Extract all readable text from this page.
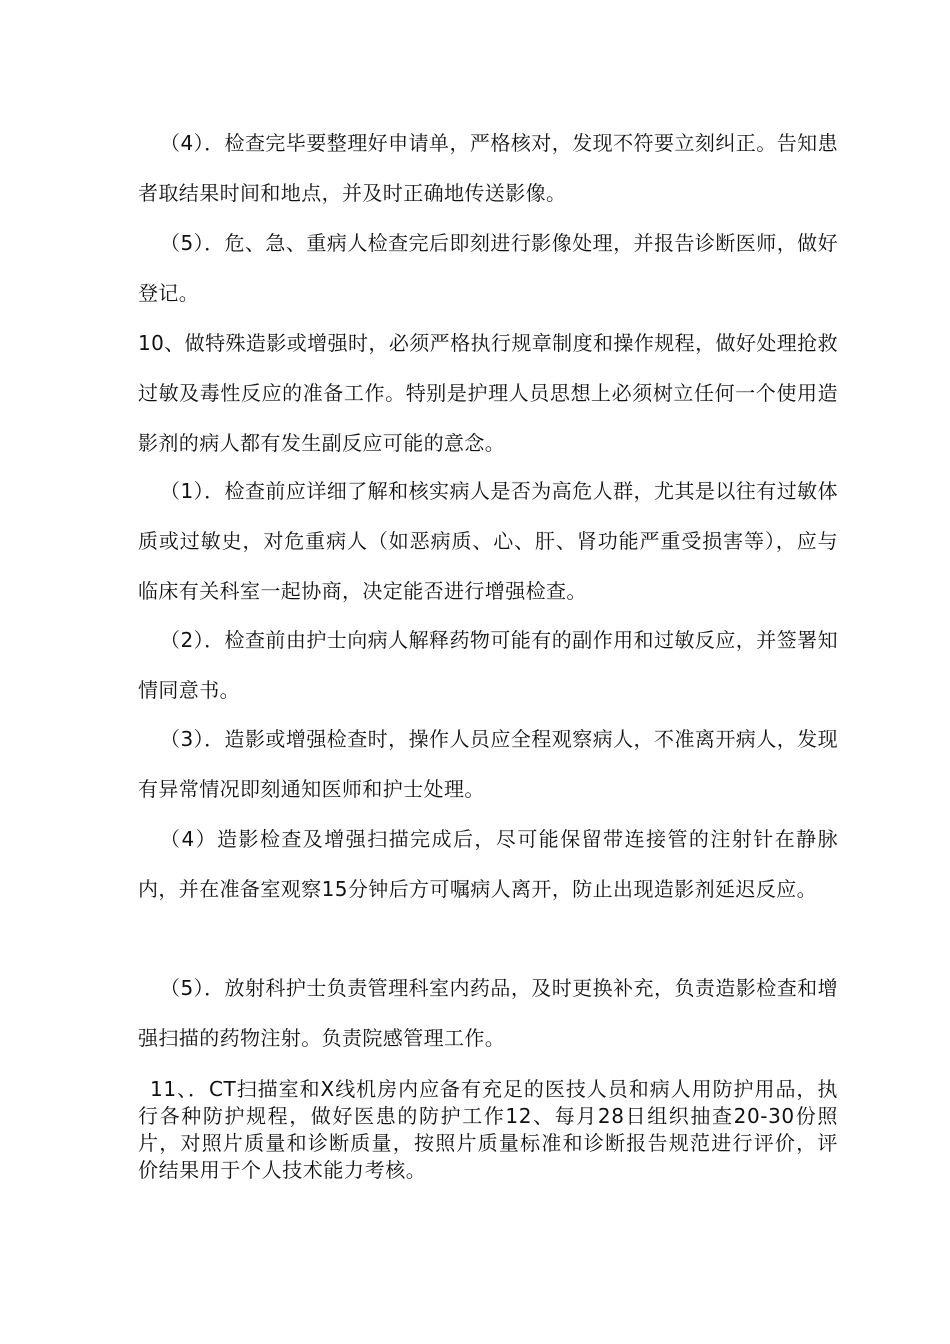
（4）．检查完毕要整理好申请单，严格核对，发现不符要立刻纠正。告知患者取结果时间和地点，并及时正确地传送影像。

（5）．危、急、重病人检查完后即刻进行影像处理，并报告诊断医师，做好登记。

10、做特殊造影或增强时，必须严格执行规章制度和操作规程，做好处理抢救过敏及毒性反应的准备工作。特别是护理人员思想上必须树立任何一个使用造影剂的病人都有发生副反应可能的意念。

（1）．检查前应详细了解和核实病人是否为高危人群，尤其是以往有过敏体质或过敏史，对危重病人（如恶病质、心、肝、肾功能严重受损害等），应与临床有关科室一起协商，决定能否进行增强检查。

（2）．检查前由护士向病人解释药物可能有的副作用和过敏反应，并签署知情同意书。

（3）．造影或增强检查时，操作人员应全程观察病人，不准离开病人，发现有异常情况即刻通知医师和护士处理。

（4）造影检查及增强扫描完成后，尽可能保留带连接管的注射针在静脉内，并在准备室观察15分钟后方可嘱病人离开，防止出现造影剂延迟反应。

（5）．放射科护士负责管理科室内药品，及时更换补充，负责造影检查和增强扫描的药物注射。负责院感管理工作。

11、．CT扫描室和X线机房内应备有充足的医技人员和病人用防护用品，执行各种防护规程，做好医患的防护工作12、每月28日组织抽查20-30份照片，对照片质量和诊断质量，按照片质量标准和诊断报告规范进行评价，评价结果用于个人技术能力考核。
